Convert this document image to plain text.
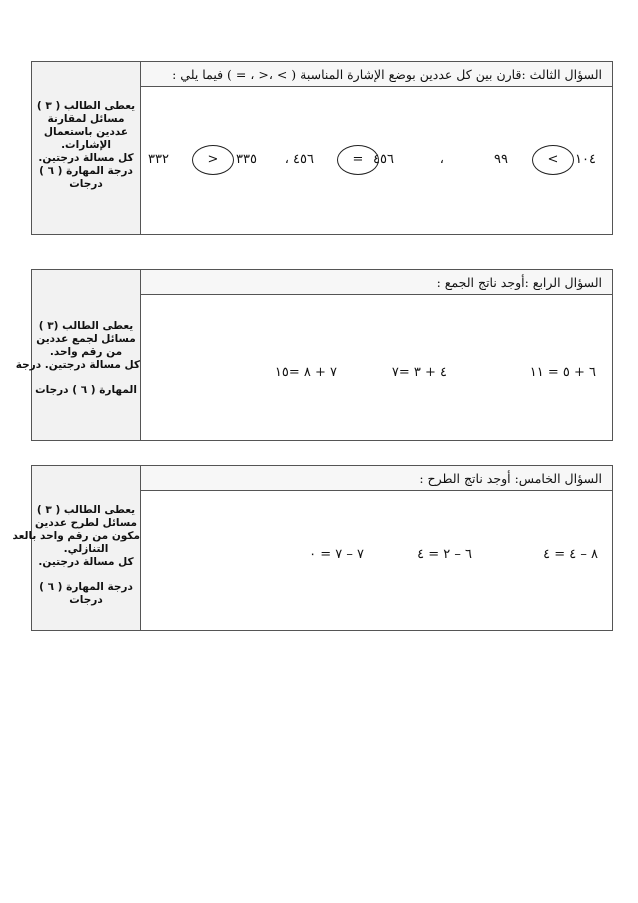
يعطى الطالب ( ٣ )
مسائل لمقارنة
عددين باستعمال
الإشارات.
كل مسالة درجتين.
درجة المهارة ( ٦ )
درجات
السؤال الثالث :قارن بين كل عددين بوضع الإشارة المناسبة ( > ،< ، = ) فيما يلي :
١٠٤
<
٩٩
،
٤٥٦
=
٤٥٦ ،
٣٣٥
>
٣٣٢
يعطى الطالب (٣ )
مسائل لجمع عددين
من رقم واحد.
كل مسالة درجتين. درجة
المهارة ( ٦ ) درجات
السؤال الرابع :أوجد ناتج الجمع :
٦ + ٥ = ١١
٤ + ٣ =٧
٧ + ٨ =١٥
يعطى الطالب ( ٣ )
مسائل لطرح عددين
مكون من رقم واحد بالعد
التنازلي.
كل مسالة درجتين.
درجة المهارة ( ٦ )
درجات
السؤال الخامس: أوجد ناتج الطرح :
٨ – ٤ = ٤
٦ – ٢ = ٤
٧ – ٧ = ٠
